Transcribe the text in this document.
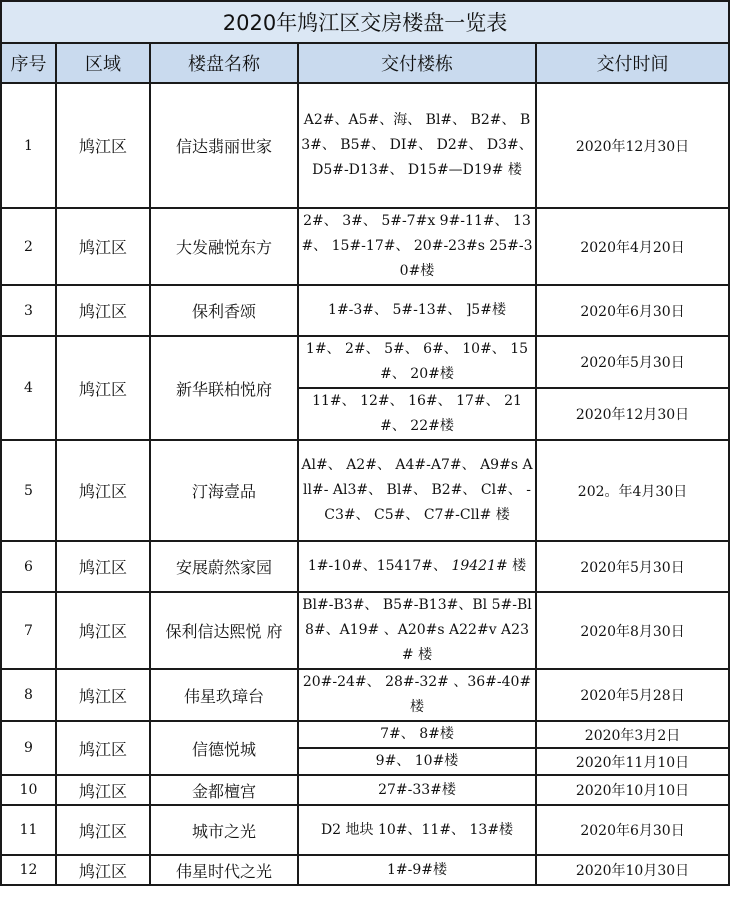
2020年鸠江区交房楼盘一览表				
序号	区域	楼盘名称	交付楼栋	交付时间
1	鸠江区	信达翡丽世家	A2#、A5#、海、 Bl#、 B2#、 B3#、 B5#、 DI#、 D2#、 D3#、 D5#-D13#、 D15#—D19# 楼	2020年12月30日
2	鸠江区	大发融悦东方	2#、 3#、 5#-7#x 9#-11#、 13#、 15#-17#、 20#-23#s 25#-30#楼	2020年4月20日
3	鸠江区	保利香颂	1#-3#、 5#-13#、 ]5#楼	2020年6月30日
4	鸠江区	新华联柏悦府	1#、 2#、 5#、 6#、 10#、 15#、 20#楼	2020年5月30日
			11#、 12#、 16#、 17#、 21#、 22#楼	2020年12月30日
5	鸠江区	汀海壹品	Al#、 A2#、 A4#-A7#、 A9#s All#- Al3#、 Bl#、 B2#、 Cl#、 -C3#、 C5#、 C7#-Cll# 楼	202。年4月30日
6	鸠江区	安展蔚然家园	1#-10#、15417#、 19421# 楼	2020年5月30日
7	鸠江区	保利信达熙悦 府	Bl#-B3#、 B5#-B13#、Bl 5#-Bl 8#、A19# 、A20#s A22#v A23# 楼	2020年8月30日
8	鸠江区	伟星玖璋台	20#-24#、 28#-32# 、36#-40# 楼	2020年5月28日
9	鸠江区	信德悦城	7#、 8#楼	2020年3月2日
			9#、 10#楼	2020年11月10日
10	鸠江区	金都檀宫	27#-33#楼	2020年10月10日
11	鸠江区	城市之光	D2 地块 10#、11#、 13#楼	2020年6月30日
12	鸠江区	伟星时代之光	1#-9#楼	2020年10月30日
